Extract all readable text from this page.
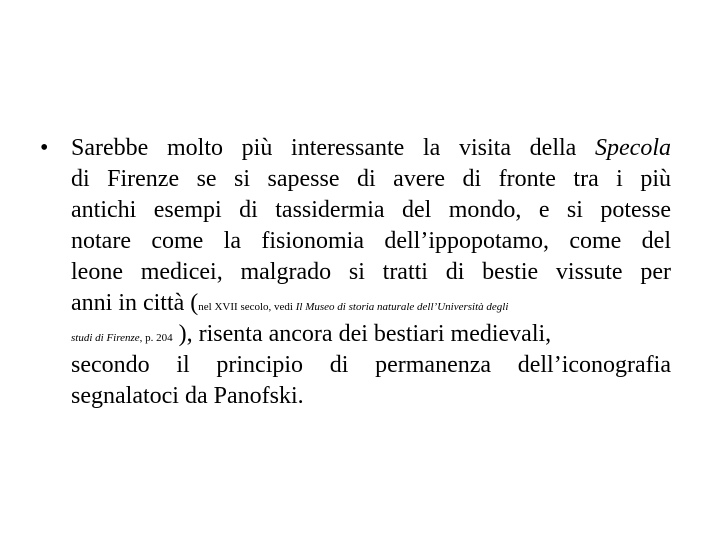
• Sarebbe molto più interessante la visita della Specola
di Firenze se si sapesse di avere di fronte tra i più
antichi esempi di tassidermia del mondo, e si potesse
notare come la fisionomia dell’ippopotamo, come del
leone medicei, malgrado si tratti di bestie vissute per
anni in città (nel XVII secolo, vedi Il Museo di storia naturale dell’Università degli
studi di Firenze, p. 204 ), risenta ancora dei bestiari medievali,
secondo il principio di permanenza dell’iconografia
segnalatoci da Panofski.
